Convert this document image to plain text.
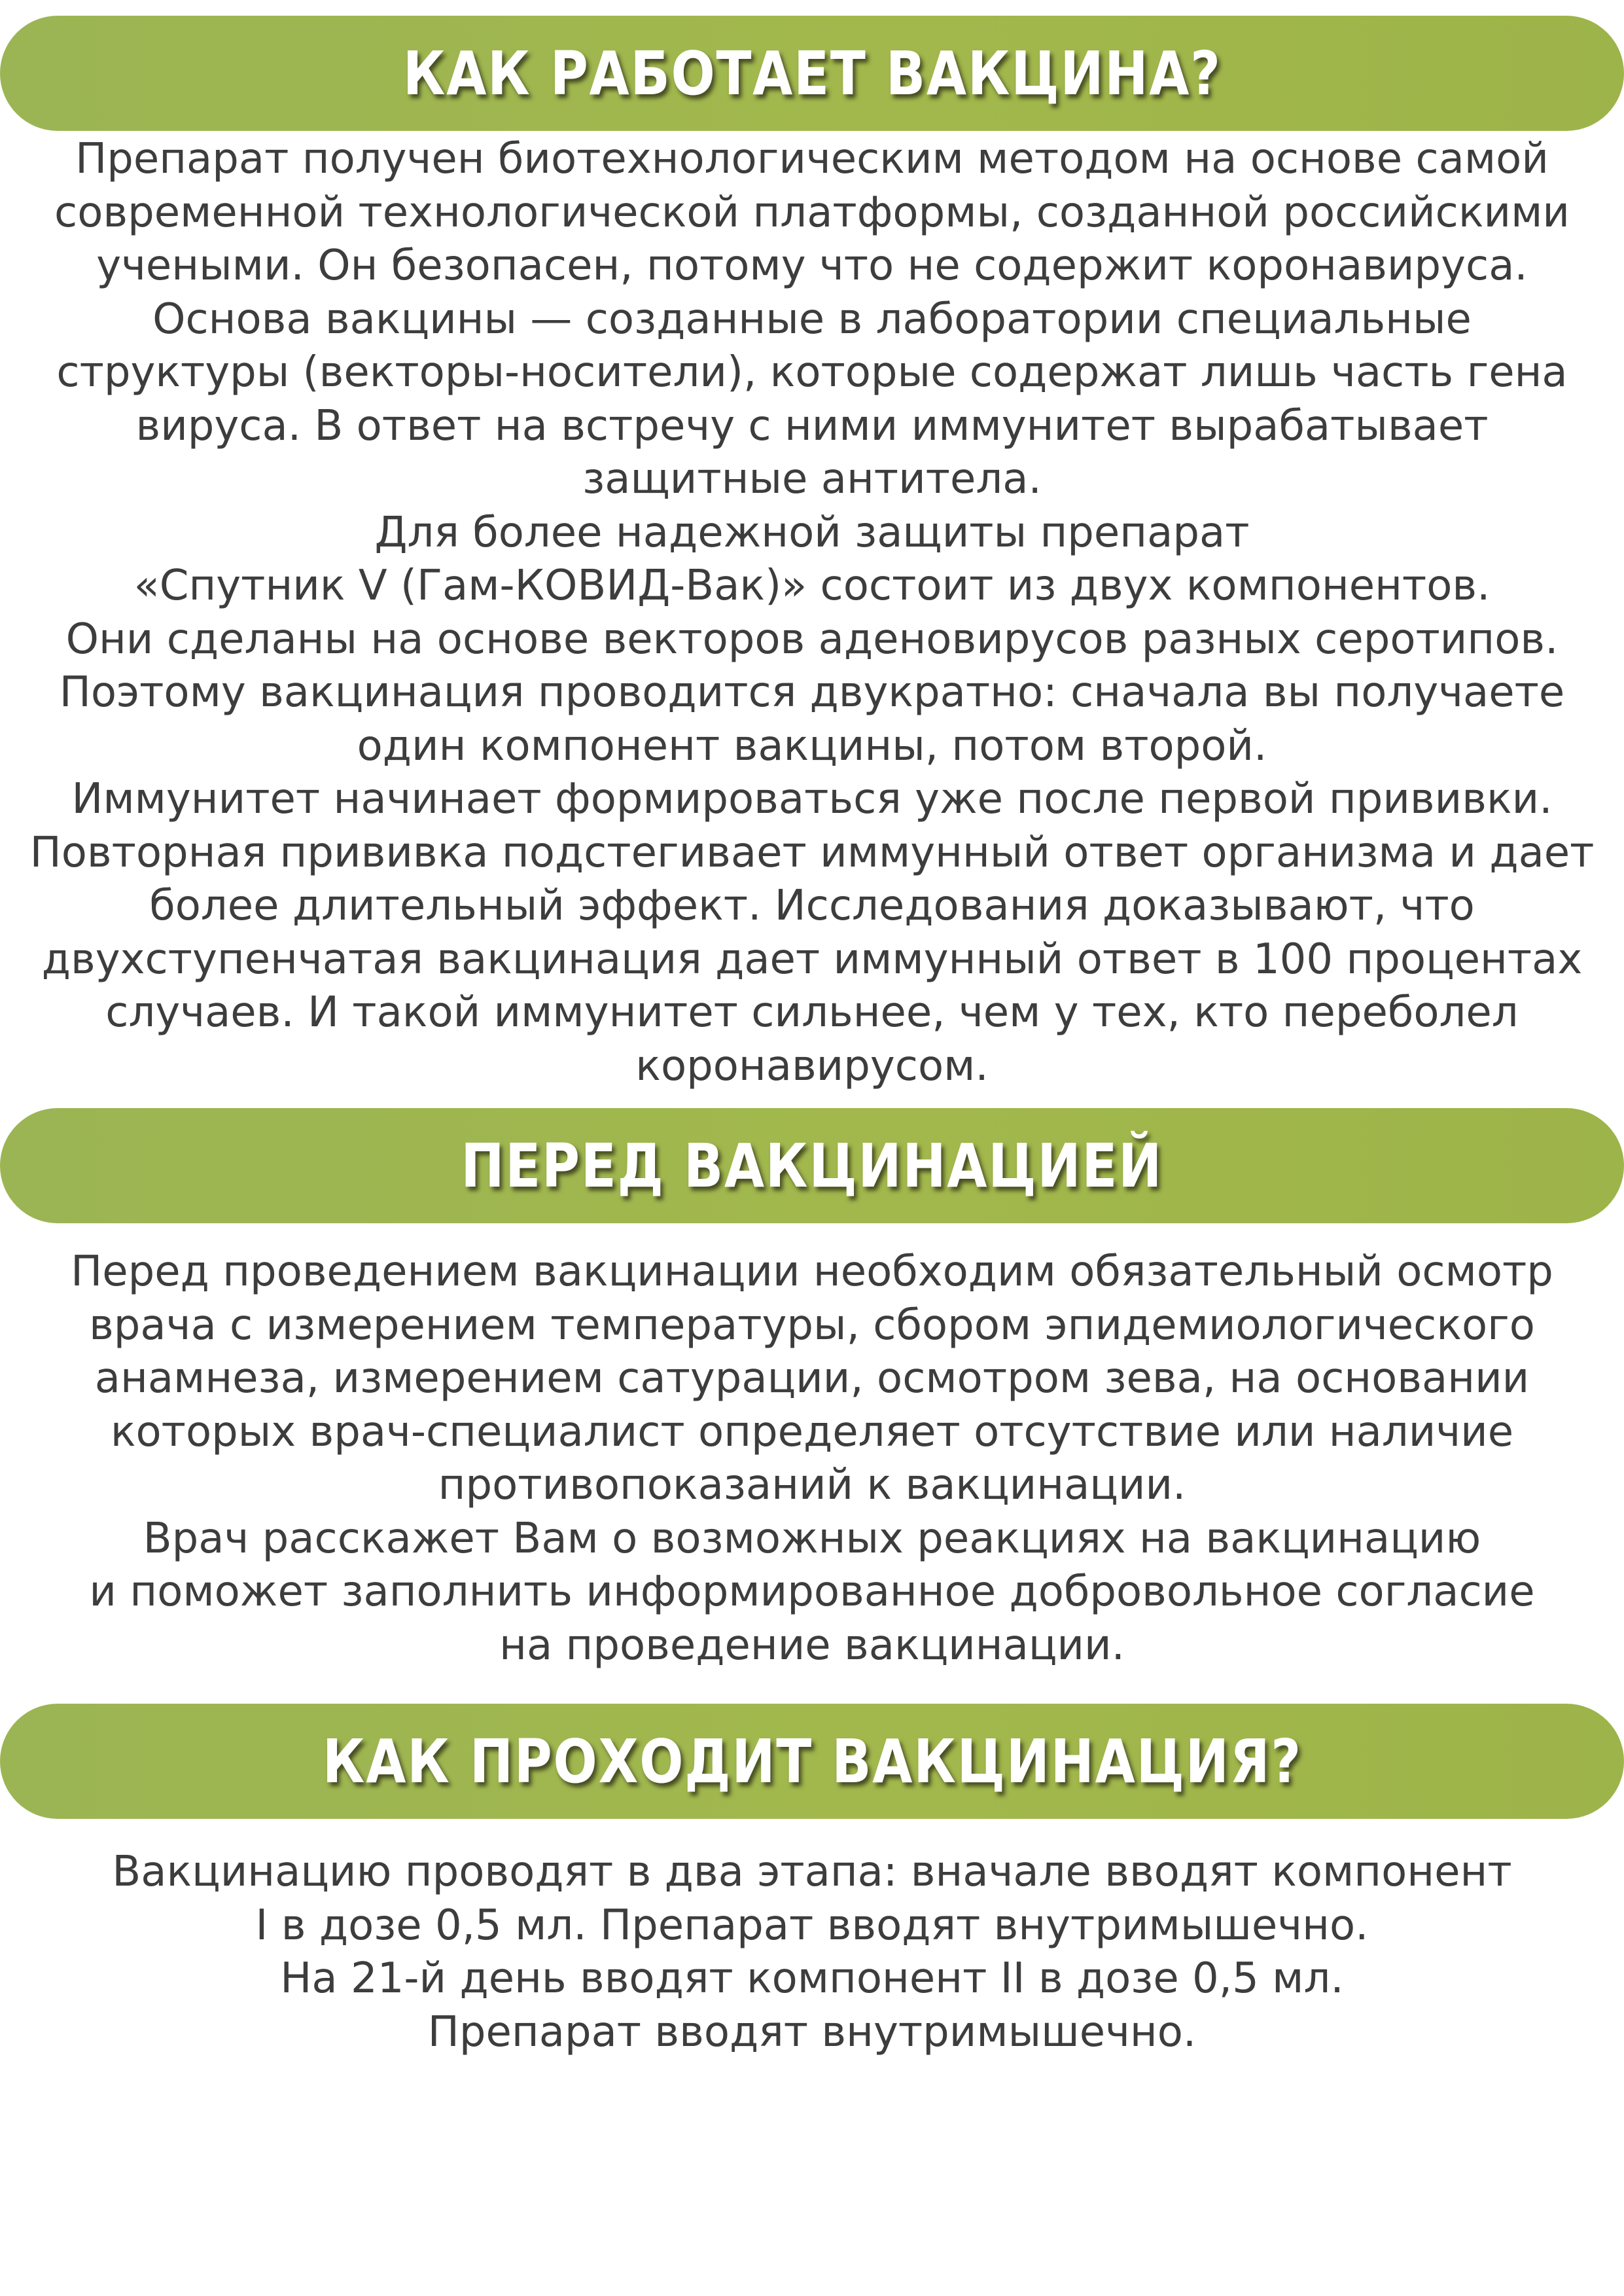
КАК РАБОТАЕТ ВАКЦИНА?
Препарат получен биотехнологическим методом на основе самой
современной технологической платформы, созданной российскими
учеными. Он безопасен, потому что не содержит коронавируса.
Основа вакцины — созданные в лаборатории специальные
структуры (векторы-носители), которые содержат лишь часть гена
вируса. В ответ на встречу с ними иммунитет вырабатывает
защитные антитела.
Для более надежной защиты препарат
«Спутник V (Гам-КОВИД-Вак)» состоит из двух компонентов.
Они сделаны на основе векторов аденовирусов разных серотипов.
Поэтому вакцинация проводится двукратно: сначала вы получаете
один компонент вакцины, потом второй.
Иммунитет начинает формироваться уже после первой прививки.
Повторная прививка подстегивает иммунный ответ организма и дает
более длительный эффект. Исследования доказывают, что
двухступенчатая вакцинация дает иммунный ответ в 100 процентах
случаев. И такой иммунитет сильнее, чем у тех, кто переболел
коронавирусом.
ПЕРЕД ВАКЦИНАЦИЕЙ
Перед проведением вакцинации необходим обязательный осмотр
врача с измерением температуры, сбором эпидемиологического
анамнеза, измерением сатурации, осмотром зева, на основании
которых врач-специалист определяет отсутствие или наличие
противопоказаний к вакцинации.
Врач расскажет Вам о возможных реакциях на вакцинацию
и поможет заполнить информированное добровольное согласие
на проведение вакцинации.
КАК ПРОХОДИТ ВАКЦИНАЦИЯ?
Вакцинацию проводят в два этапа: вначале вводят компонент
I в дозе 0,5 мл. Препарат вводят внутримышечно.
На 21-й день вводят компонент II в дозе 0,5 мл.
Препарат вводят внутримышечно.
